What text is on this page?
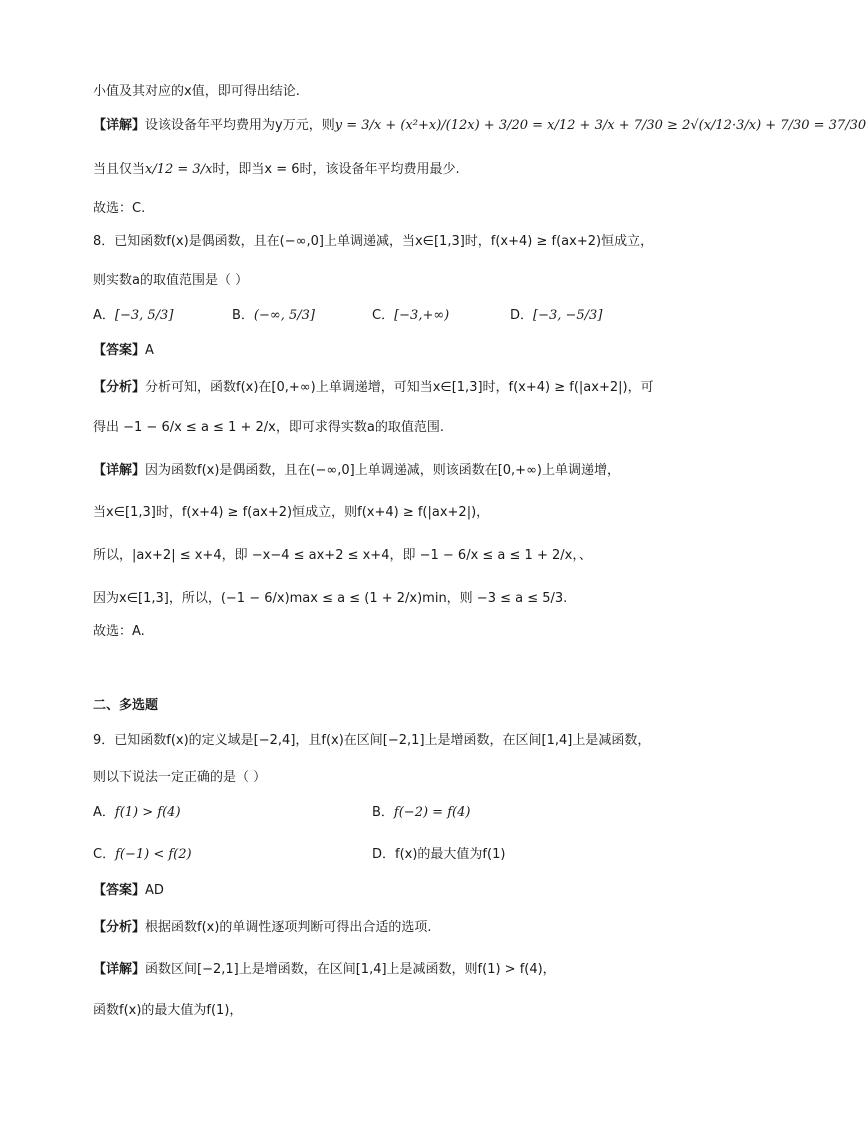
小值及其对应的x值，即可得出结论.
【详解】设该设备年平均费用为y万元，则y = 3/x + (x²+x)/(12x) + 3/20 = x/12 + 3/x + 7/30 ≥ 2√(x/12·3/x) + 7/30 = 37/30
当且仅当x/12 = 3/x时，即当x = 6时，该设备年平均费用最少.
故选：C.
8．已知函数f(x)是偶函数，且在(−∞,0]上单调递减，当x∈[1,3]时，f(x+4) ≥ f(ax+2)恒成立，
则实数a的取值范围是（ ）
A．[−3, 5/3]	B．(−∞, 5/3]	C．[−3,+∞)	D．[−3, −5/3]
【答案】A
【分析】分析可知，函数f(x)在[0,+∞)上单调递增，可知当x∈[1,3]时，f(x+4) ≥ f(|ax+2|)，可
得出 −1 − 6/x ≤ a ≤ 1 + 2/x，即可求得实数a的取值范围.
【详解】因为函数f(x)是偶函数，且在(−∞,0]上单调递减，则该函数在[0,+∞)上单调递增，
当x∈[1,3]时，f(x+4) ≥ f(ax+2)恒成立，则f(x+4) ≥ f(|ax+2|)，
所以，|ax+2| ≤ x+4，即 −x−4 ≤ ax+2 ≤ x+4，即 −1 − 6/x ≤ a ≤ 1 + 2/x，、
因为x∈[1,3]，所以，(−1 − 6/x)max ≤ a ≤ (1 + 2/x)min，则 −3 ≤ a ≤ 5/3.
故选：A.
二、多选题
9．已知函数f(x)的定义域是[−2,4]，且f(x)在区间[−2,1]上是增函数，在区间[1,4]上是减函数，
则以下说法一定正确的是（ ）
A．f(1) > f(4)	B．f(−2) = f(4)
C．f(−1) < f(2)	D．f(x)的最大值为f(1)
【答案】AD
【分析】根据函数f(x)的单调性逐项判断可得出合适的选项.
【详解】函数区间[−2,1]上是增函数，在区间[1,4]上是减函数，则f(1) > f(4)，
函数f(x)的最大值为f(1)，
